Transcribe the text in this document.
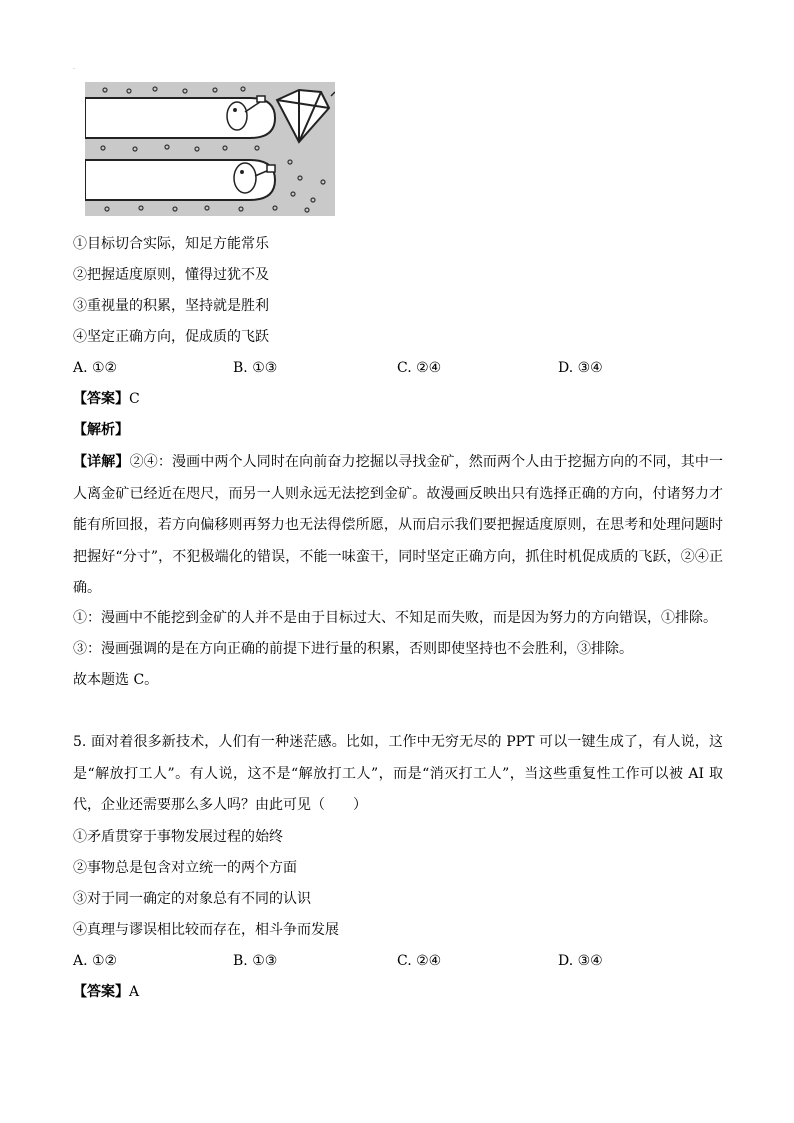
·
①目标切合实际，知足方能常乐
②把握适度原则，懂得过犹不及
③重视量的积累，坚持就是胜利
④坚定正确方向，促成质的飞跃
A. ①②	B. ①③	C. ②④	D. ③④
【答案】C
【解析】
【详解】②④：漫画中两个人同时在向前奋力挖掘以寻找金矿，然而两个人由于挖掘方向的不同，其中一人离金矿已经近在咫尺，而另一人则永远无法挖到金矿。故漫画反映出只有选择正确的方向，付诸努力才能有所回报，若方向偏移则再努力也无法得偿所愿，从而启示我们要把握适度原则，在思考和处理问题时把握好“分寸”，不犯极端化的错误，不能一味蛮干，同时坚定正确方向，抓住时机促成质的飞跃，②④正确。
①：漫画中不能挖到金矿的人并不是由于目标过大、不知足而失败，而是因为努力的方向错误，①排除。
③：漫画强调的是在方向正确的前提下进行量的积累，否则即使坚持也不会胜利，③排除。
故本题选 C。
5. 面对着很多新技术，人们有一种迷茫感。比如，工作中无穷无尽的 PPT 可以一键生成了，有人说，这是“解放打工人”。有人说，这不是“解放打工人”，而是“消灭打工人”，当这些重复性工作可以被 AI 取代，企业还需要那么多人吗？由此可见（　　）
①矛盾贯穿于事物发展过程的始终
②事物总是包含对立统一的两个方面
③对于同一确定的对象总有不同的认识
④真理与谬误相比较而存在，相斗争而发展
A. ①②	B. ①③	C. ②④	D. ③④
【答案】A
